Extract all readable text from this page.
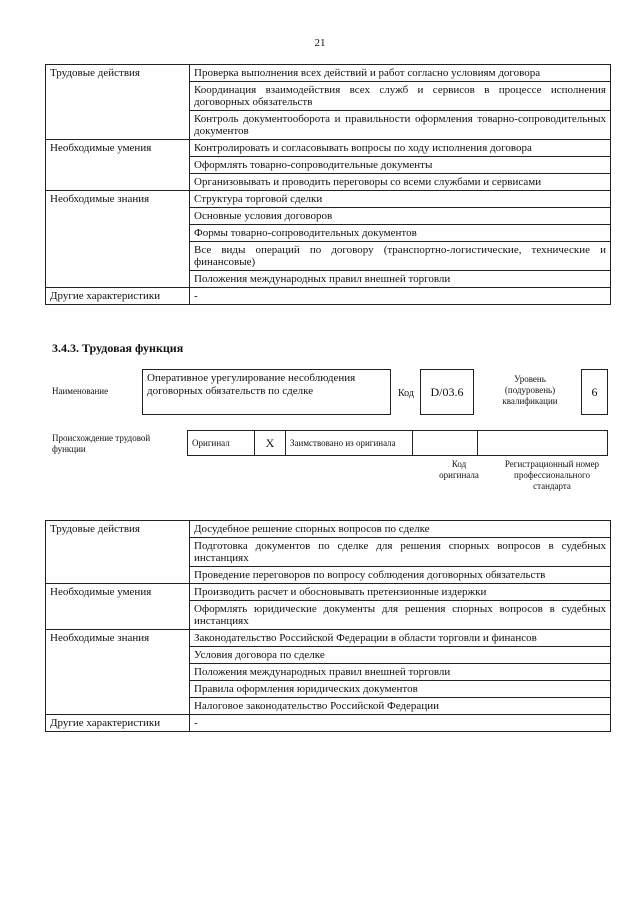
21
Трудовые действия	Проверка выполнения всех действий и работ согласно условиям договора
	Координация взаимодействия всех служб и сервисов в процессе исполнения договорных обязательств
	Контроль документооборота и правильности оформления товарно-сопроводительных документов
Необходимые умения	Контролировать и согласовывать вопросы по ходу исполнения договора
	Оформлять товарно-сопроводительные документы
	Организовывать и проводить переговоры со всеми службами и сервисами
Необходимые знания	Структура торговой сделки
	Основные условия договоров
	Формы товарно-сопроводительных документов
	Все виды операций по договору (транспортно-логистические, технические и финансовые)
	Положения международных правил внешней торговли
Другие характеристики	-
3.4.3. Трудовая функция
Наименование
Оперативное урегулирование несоблюдения договорных обязательств по сделке	Код	D/03.6
Уровень (подуровень) квалификации
6
Происхождение трудовой функции
Оригинал	X	Заимствовано из оригинала		
Код оригинала
Регистрационный номер профессионального стандарта
Трудовые действия	Досудебное решение спорных вопросов по сделке
	Подготовка документов по сделке для решения спорных вопросов в судебных инстанциях
	Проведение переговоров по вопросу соблюдения договорных обязательств
Необходимые умения	Производить расчет и обосновывать претензионные издержки
	Оформлять юридические документы для решения спорных вопросов в судебных инстанциях
Необходимые знания	Законодательство Российской Федерации в области торговли и финансов
	Условия договора по сделке
	Положения международных правил внешней торговли
	Правила оформления юридических документов
	Налоговое законодательство Российской Федерации
Другие характеристики	-
